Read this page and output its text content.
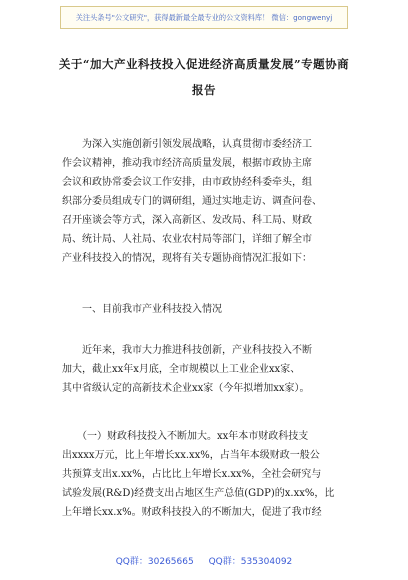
关注头条号"公文研究"，获得最新最全最专业的公文资料库！ 微信：gongwenyj
关于“加大产业科技投入促进经济高质量发展”专题协商
报告
　　为深入实施创新引领发展战略，认真贯彻市委经济工
作会议精神，推动我市经济高质量发展，根据市政协主席
会议和政协常委会议工作安排，由市政协经科委牵头，组
织部分委员组成专门的调研组，通过实地走访、调查问卷、
召开座谈会等方式，深入高新区、发改局、科工局、财政
局、统计局、人社局、农业农村局等部门，详细了解全市
产业科技投入的情况，现将有关专题协商情况汇报如下：
　　一、目前我市产业科技投入情况
　　近年来，我市大力推进科技创新，产业科技投入不断
加大，截止xx年x月底，全市规模以上工业企业xx家、
其中省级认定的高新技术企业xx家（今年拟增加xx家）。
　　（一）财政科技投入不断加大。xx年本市财政科技支
出xxxx万元，比上年增长xx.xx%，占当年本级财政一般公
共预算支出x.xx%，占比比上年增长x.xx%，全社会研究与
试验发展(R&D)经费支出占地区生产总值(GDP)的x.xx%，比
上年增长xx.x%。财政科技投入的不断加大，促进了我市经
QQ群：30265665 QQ群：535304092
